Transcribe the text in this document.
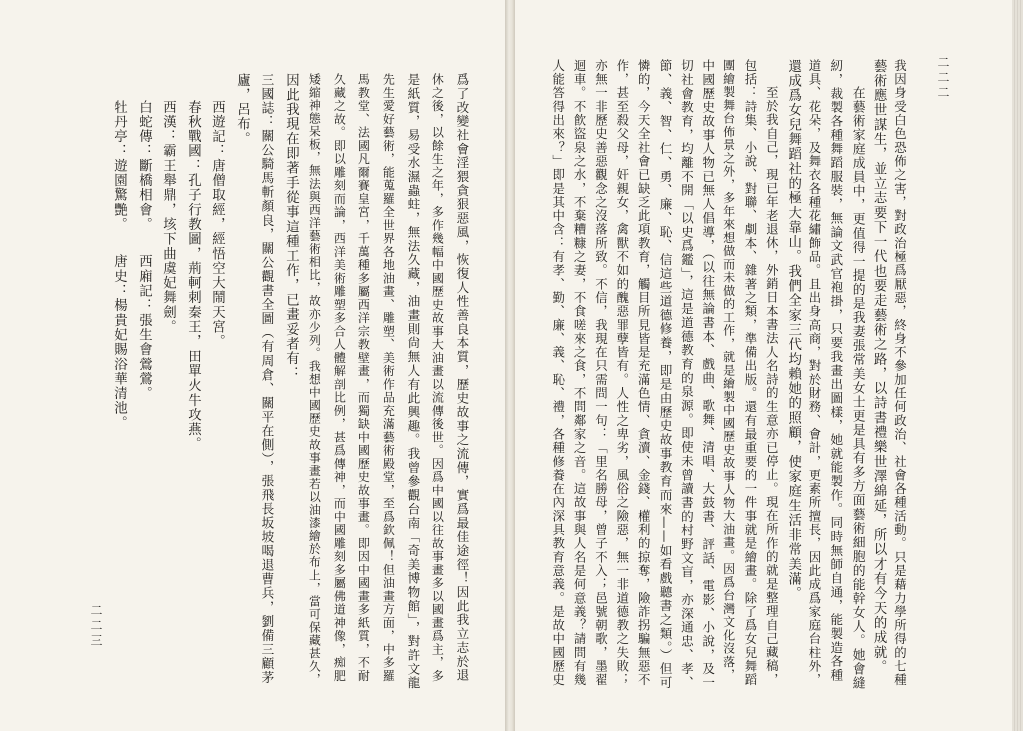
爲了改變社會淫猥貪狠惡風，恢復人性善良本質，歷史故事之流傳，實爲最佳途徑！因此我立志於退
休之後，以餘生之年，多作幾幅中國歷史故事大油畫以流傳後世。因爲中國以往故事畫多以國畫爲主，多
是紙質，易受水濕蟲蛀，無法久藏，油畫則尙無人有此興趣。我曾參觀台南「奇美博物館」，對許文龍
先生愛好藝術，能蒐羅全世界各地油畫、雕塑、美術作品充滿藝術殿堂，至爲欽佩！但油畫方面，中多羅
馬教堂、法國凡爾賽皇宮，千萬種多屬西洋宗教壁畫，而獨缺中國歷史故事畫。即因中國畫多紙質，不耐
久藏之故。即以雕刻而論，西洋美術雕塑多合人體解剖比例，甚爲傳神，而中國雕刻多屬佛道神像，痴肥
矮縮神態呆板，無法與西洋藝術相比，故亦少列。我想中國歷史故事畫若以油漆繪於布上，當可保藏甚久，
因此我現在即著手從事這種工作，已畫妥者有：
三國誌：關公騎馬斬顏良，關公觀書全圖（有周倉、關平在側），張飛長坂坡喝退曹兵，劉備三顧茅
廬，呂布。
西遊記：唐僧取經，經悟空大鬧天宮。
春秋戰國：孔子行教圖，荊軻刺秦王，田單火牛攻燕。
西漢：霸王舉鼎，垓下曲虞妃舞劍。
白蛇傳：斷橋相會。　　西廂記：張生會鶯鶯。
牡丹亭：遊園驚艷。　　唐史：楊貴妃賜浴華清池。
二二三	我因身受白色恐佈之害，對政治極爲厭惡，終身不參加任何政治、社會各種活動。只是藉力學所得的七種
藝術應世謀生，並立志要下一代也要走藝術之路，以詩書禮樂世澤綿延，所以才有今天的成就。
在藝術家庭成員中，更值得一提的是我妻張常美女士更是具有多方面藝術細胞的能幹女人。她會縫
紉，裁製各種舞蹈服裝，無論文武官袍掛，只要我畫出圖樣，她就能製作。同時無師自通，能製造各種
道具、花朵，及舞衣各種花繡飾品。且出身高商，對於財務、會計，更素所擅長，因此成爲家庭台柱外，
還成爲女兒舞蹈社的極大靠山。我們全家三代均賴她的照顧，使家庭生活非常美滿。
至於我自己，現已年老退休，外銷日本書法人名詩的生意亦已停止。現在所作的就是整理自己藏稿，
包括：詩集、小說、對聯、劇本、雜著之類，準備出版。還有最重要的一件事就是繪畫。除了爲女兒舞蹈
團繪製舞台佈景之外，多年來想做而未做的工作，就是繪製中國歷史故事人物大油畫。因爲台灣文化沒落，
中國歷史故事人物已無人倡導，（以往無論書本、戲曲、歌舞、清唱、大鼓書、評話、電影、小說，及一
切社會教育，均離不開「以史爲鑑」，這是道德教育的泉源。即使未曾讀書的村野文盲，亦深通忠、孝、
節、義、智、仁、勇、廉、恥、信這些道德修養，即是由歷史故事教育而來——如看戲聽書之類。）但可
憐的，今天全社會已缺乏此項教育，觸目所見皆是充滿色情、貪瀆、金錢、權利的掠奪，險詐拐騙無惡不
作，甚至殺父母，奸親女，禽獸不如的醜惡罪孽皆有。人性之卑劣，風俗之險惡，無一非道德教之失敗；
亦無一非歷史善惡觀念之沒落所致。不信，我現在只需問一句：「里名勝母，曾子不入；邑號朝歌，墨翟
迴車。不飮盜泉之水，不棄糟糠之妻，不食嗟來之食，不問鄰家之音。這故事與人名是何意義？請問有幾
人能答得出來？」即是其中含：有孝、勤、廉、義、恥、禮，各種修養在內深具教育意義。是故中國歷史	二二二
